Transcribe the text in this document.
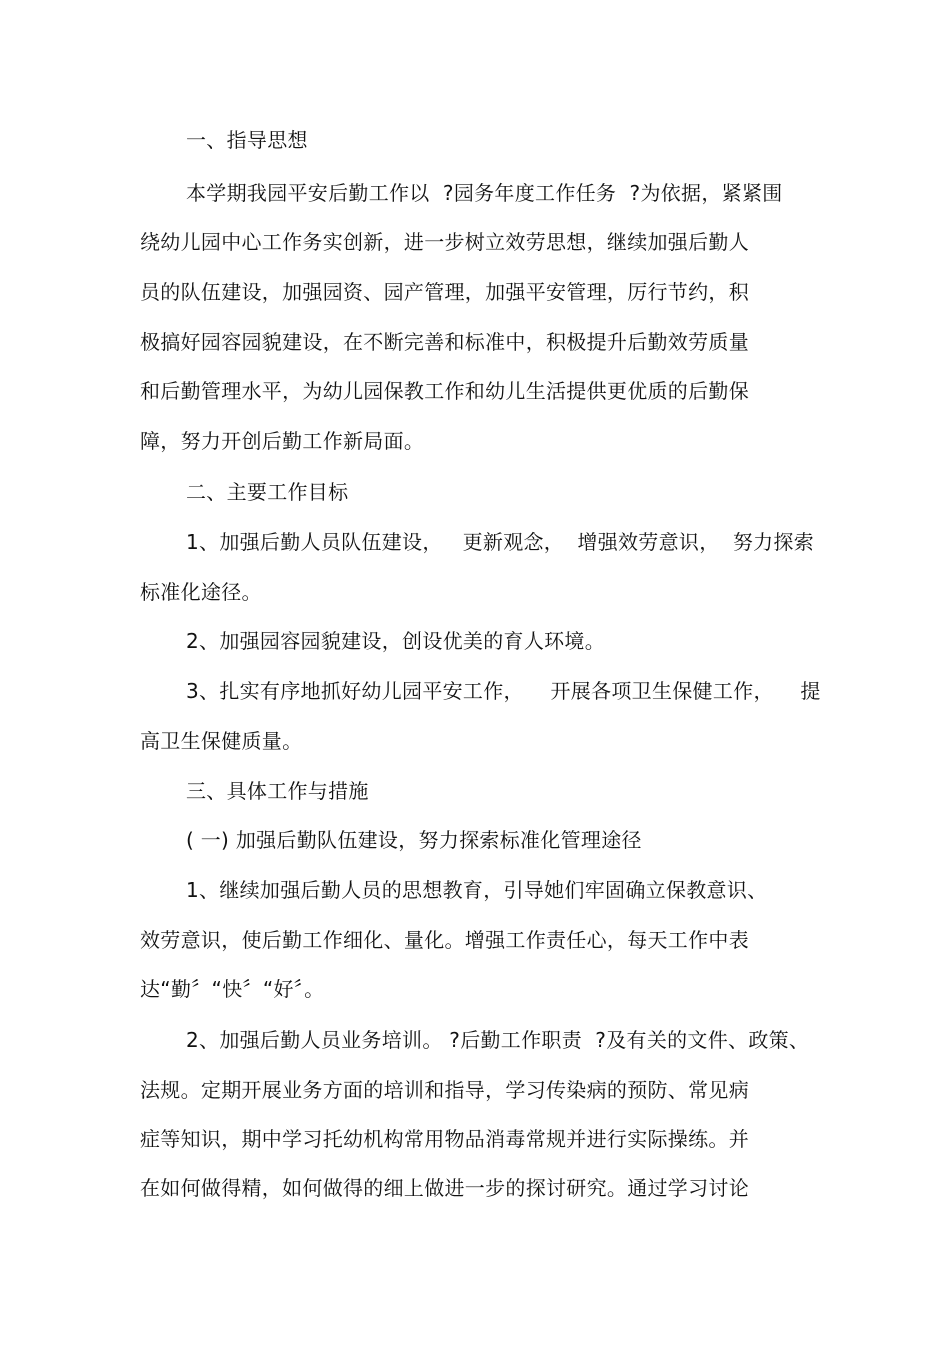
一、指导思想
本学期我园平安后勤工作以  ?园务年度工作任务  ?为依据，紧紧围
绕幼儿园中心工作务实创新，进一步树立效劳思想，继续加强后勤人
员的队伍建设，加强园资、园产管理，加强平安管理，厉行节约，积
极搞好园容园貌建设，在不断完善和标准中，积极提升后勤效劳质量
和后勤管理水平，为幼儿园保教工作和幼儿生活提供更优质的后勤保
障，努力开创后勤工作新局面。
二、主要工作目标
1、加强后勤人员队伍建设，   更新观念，  增强效劳意识，  努力探索
标准化途径。
2、加强园容园貌建设，创设优美的育人环境。
3、扎实有序地抓好幼儿园平安工作，    开展各项卫生保健工作，    提
高卫生保健质量。
三、具体工作与措施
( 一) 加强后勤队伍建设，努力探索标准化管理途径
1、继续加强后勤人员的思想教育，引导她们牢固确立保教意识、
效劳意识，使后勤工作细化、量化。增强工作责任心，每天工作中表
达“勤〞“快〞“好〞。
2、加强后勤人员业务培训。 ?后勤工作职责  ?及有关的文件、政策、
法规。定期开展业务方面的培训和指导，学习传染病的预防、常见病
症等知识，期中学习托幼机构常用物品消毒常规并进行实际操练。并
在如何做得精，如何做得的细上做进一步的探讨研究。通过学习讨论
